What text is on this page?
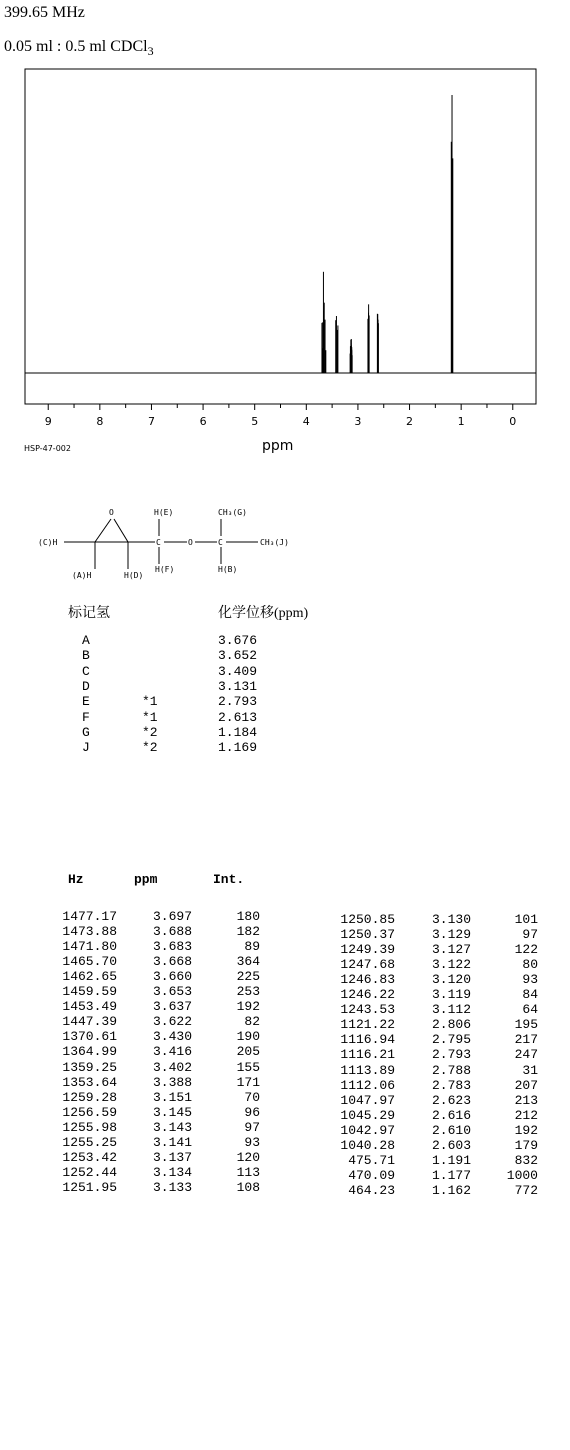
399.65 MHz
0.05 ml : 0.5 ml CDCl$_3$
9	8	7	6	5	4	3	2	1	0
HSP-47-002	ppm
O	H(E)	CH₃(G)
(C)H	C	O	C	CH₃(J)
(A)H	H(D)
H(F)	H(B)
标记氢	化学位移(ppm)
A	3.676
B	3.652
C	3.409
D	3.131
E	*1	2.793
F	*1	2.613
G	*2	1.184
J	*2	1.169
Hz	ppm	Int.
1477.17	3.697	180
1473.88	3.688	182
1471.80	3.683	89
1465.70	3.668	364
1462.65	3.660	225
1459.59	3.653	253
1453.49	3.637	192
1447.39	3.622	82
1370.61	3.430	190
1364.99	3.416	205
1359.25	3.402	155
1353.64	3.388	171
1259.28	3.151	70
1256.59	3.145	96
1255.98	3.143	97
1255.25	3.141	93
1253.42	3.137	120
1252.44	3.134	113
1251.95	3.133	108
1250.85	3.130	101
1250.37	3.129	97
1249.39	3.127	122
1247.68	3.122	80
1246.83	3.120	93
1246.22	3.119	84
1243.53	3.112	64
1121.22	2.806	195
1116.94	2.795	217
1116.21	2.793	247
1113.89	2.788	31
1112.06	2.783	207
1047.97	2.623	213
1045.29	2.616	212
1042.97	2.610	192
1040.28	2.603	179
475.71	1.191	832
470.09	1.177	1000
464.23	1.162	772
